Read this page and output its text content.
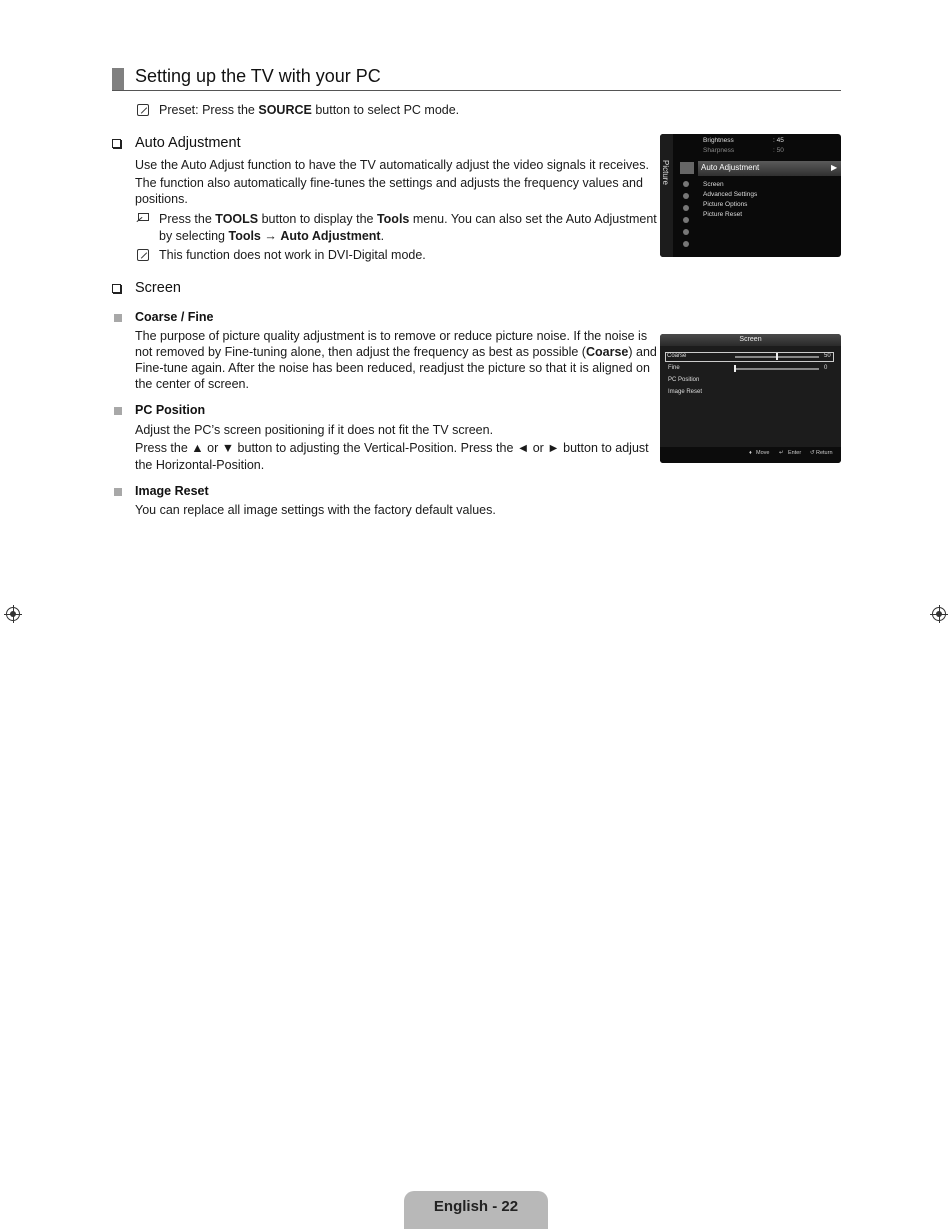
Setting up the TV with your PC
Preset: Press the SOURCE button to select PC mode.
Auto Adjustment
Use the Auto Adjust function to have the TV automatically adjust the video signals it receives.
The function also automatically fine-tunes the settings and adjusts the frequency values and
positions.
Press the TOOLS button to display the Tools menu. You can also set the Auto Adjustment
by selecting Tools → Auto Adjustment.
This function does not work in DVI-Digital mode.
Picture
Brightness	: 45
Sharpness	: 50
Auto Adjustment	▶
Screen
Advanced Settings
Picture Options
Picture Reset
Screen
Coarse / Fine
The purpose of picture quality adjustment is to remove or reduce picture noise. If the noise is
not removed by Fine-tuning alone, then adjust the frequency as best as possible (Coarse) and
Fine-tune again. After the noise has been reduced, readjust the picture so that it is aligned on
the center of screen.
PC Position
Adjust the PC’s screen positioning if it does not fit the TV screen.
Press the ▲ or ▼ button to adjusting the Vertical-Position. Press the ◄ or ► button to adjust
the Horizontal-Position.
Image Reset
You can replace all image settings with the factory default values.
Screen
Coarse	50
Fine	0
PC Position
Image Reset
♦ Move ↵ Enter ↺ Return
English - 22
